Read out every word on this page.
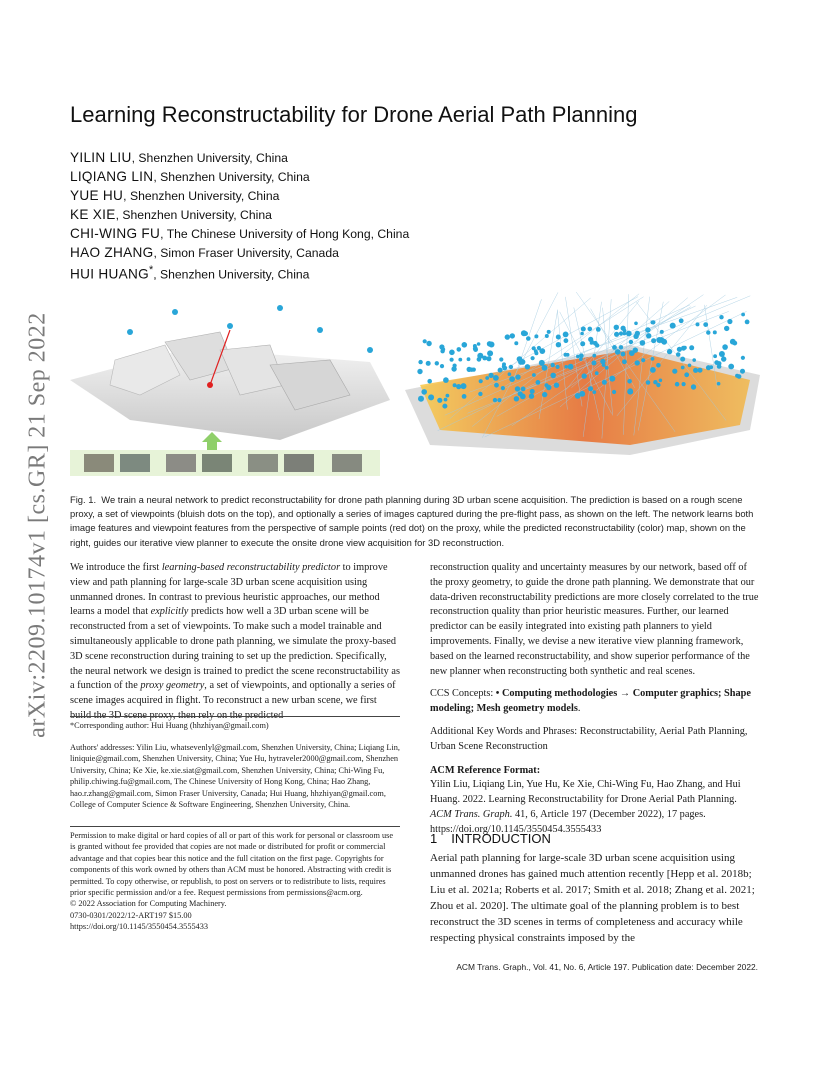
arXiv:2209.10174v1 [cs.GR] 21 Sep 2022
Learning Reconstructability for Drone Aerial Path Planning
YILIN LIU, Shenzhen University, China
LIQIANG LIN, Shenzhen University, China
YUE HU, Shenzhen University, China
KE XIE, Shenzhen University, China
CHI-WING FU, The Chinese University of Hong Kong, China
HAO ZHANG, Simon Fraser University, Canada
HUI HUANG*, Shenzhen University, China
Fig. 1. We train a neural network to predict reconstructability for drone path planning during 3D urban scene acquisition. The prediction is based on a rough scene proxy, a set of viewpoints (bluish dots on the top), and optionally a series of images captured during the pre-flight pass, as shown on the left. The network learns both image features and viewpoint features from the perspective of sample points (red dot) on the proxy, while the predicted reconstructability (color) map, shown on the right, guides our iterative view planner to execute the onsite drone view acquisition for 3D reconstruction.

We introduce the first learning-based reconstructability predictor to improve view and path planning for large-scale 3D urban scene acquisition using unmanned drones. In contrast to previous heuristic approaches, our method learns a model that explicitly predicts how well a 3D urban scene will be reconstructed from a set of viewpoints. To make such a model trainable and simultaneously applicable to drone path planning, we simulate the proxy-based 3D scene reconstruction during training to set up the prediction. Specifically, the neural network we design is trained to predict the scene reconstructability as a function of the proxy geometry, a set of viewpoints, and optionally a series of scene images acquired in flight. To reconstruct a new urban scene, we first build the 3D scene proxy, then rely on the predicted

*Corresponding author: Hui Huang (hhzhiyan@gmail.com)
Authors' addresses: Yilin Liu, whatsevenlyl@gmail.com, Shenzhen University, China; Liqiang Lin, liniquie@gmail.com, Shenzhen University, China; Yue Hu, hytraveler2000@gmail.com, Shenzhen University, China; Ke Xie, ke.xie.siat@gmail.com, Shenzhen University, China; Chi-Wing Fu, philip.chiwing.fu@gmail.com, The Chinese University of Hong Kong, China; Hao Zhang, hao.r.zhang@gmail.com, Simon Fraser University, Canada; Hui Huang, hhzhiyan@gmail.com, College of Computer Science & Software Engineering, Shenzhen University, China.
Permission to make digital or hard copies of all or part of this work for personal or classroom use is granted without fee provided that copies are not made or distributed for profit or commercial advantage and that copies bear this notice and the full citation on the first page. Copyrights for components of this work owned by others than ACM must be honored. Abstracting with credit is permitted. To copy otherwise, or republish, to post on servers or to redistribute to lists, requires prior specific permission and/or a fee. Request permissions from permissions@acm.org.
© 2022 Association for Computing Machinery.
0730-0301/2022/12-ART197 $15.00
https://doi.org/10.1145/3550454.3555433

reconstruction quality and uncertainty measures by our network, based off of the proxy geometry, to guide the drone path planning. We demonstrate that our data-driven reconstructability predictions are more closely correlated to the true reconstruction quality than prior heuristic measures. Further, our learned predictor can be easily integrated into existing path planners to yield improvements. Finally, we devise a new iterative view planning framework, based on the learned reconstructability, and show superior performance of the new planner when reconstructing both synthetic and real scenes.

CCS Concepts: • Computing methodologies → Computer graphics; Shape modeling; Mesh geometry models.

Additional Key Words and Phrases: Reconstructability, Aerial Path Planning, Urban Scene Reconstruction

ACM Reference Format:
Yilin Liu, Liqiang Lin, Yue Hu, Ke Xie, Chi-Wing Fu, Hao Zhang, and Hui Huang. 2022. Learning Reconstructability for Drone Aerial Path Planning. ACM Trans. Graph. 41, 6, Article 197 (December 2022), 17 pages. https://doi.org/10.1145/3550454.3555433

1 INTRODUCTION
Aerial path planning for large-scale 3D urban scene acquisition using unmanned drones has gained much attention recently [Hepp et al. 2018b; Liu et al. 2021a; Roberts et al. 2017; Smith et al. 2018; Zhang et al. 2021; Zhou et al. 2020]. The ultimate goal of the planning problem is to best reconstruct the 3D scenes in terms of completeness and accuracy while respecting physical constraints imposed by the
ACM Trans. Graph., Vol. 41, No. 6, Article 197. Publication date: December 2022.
